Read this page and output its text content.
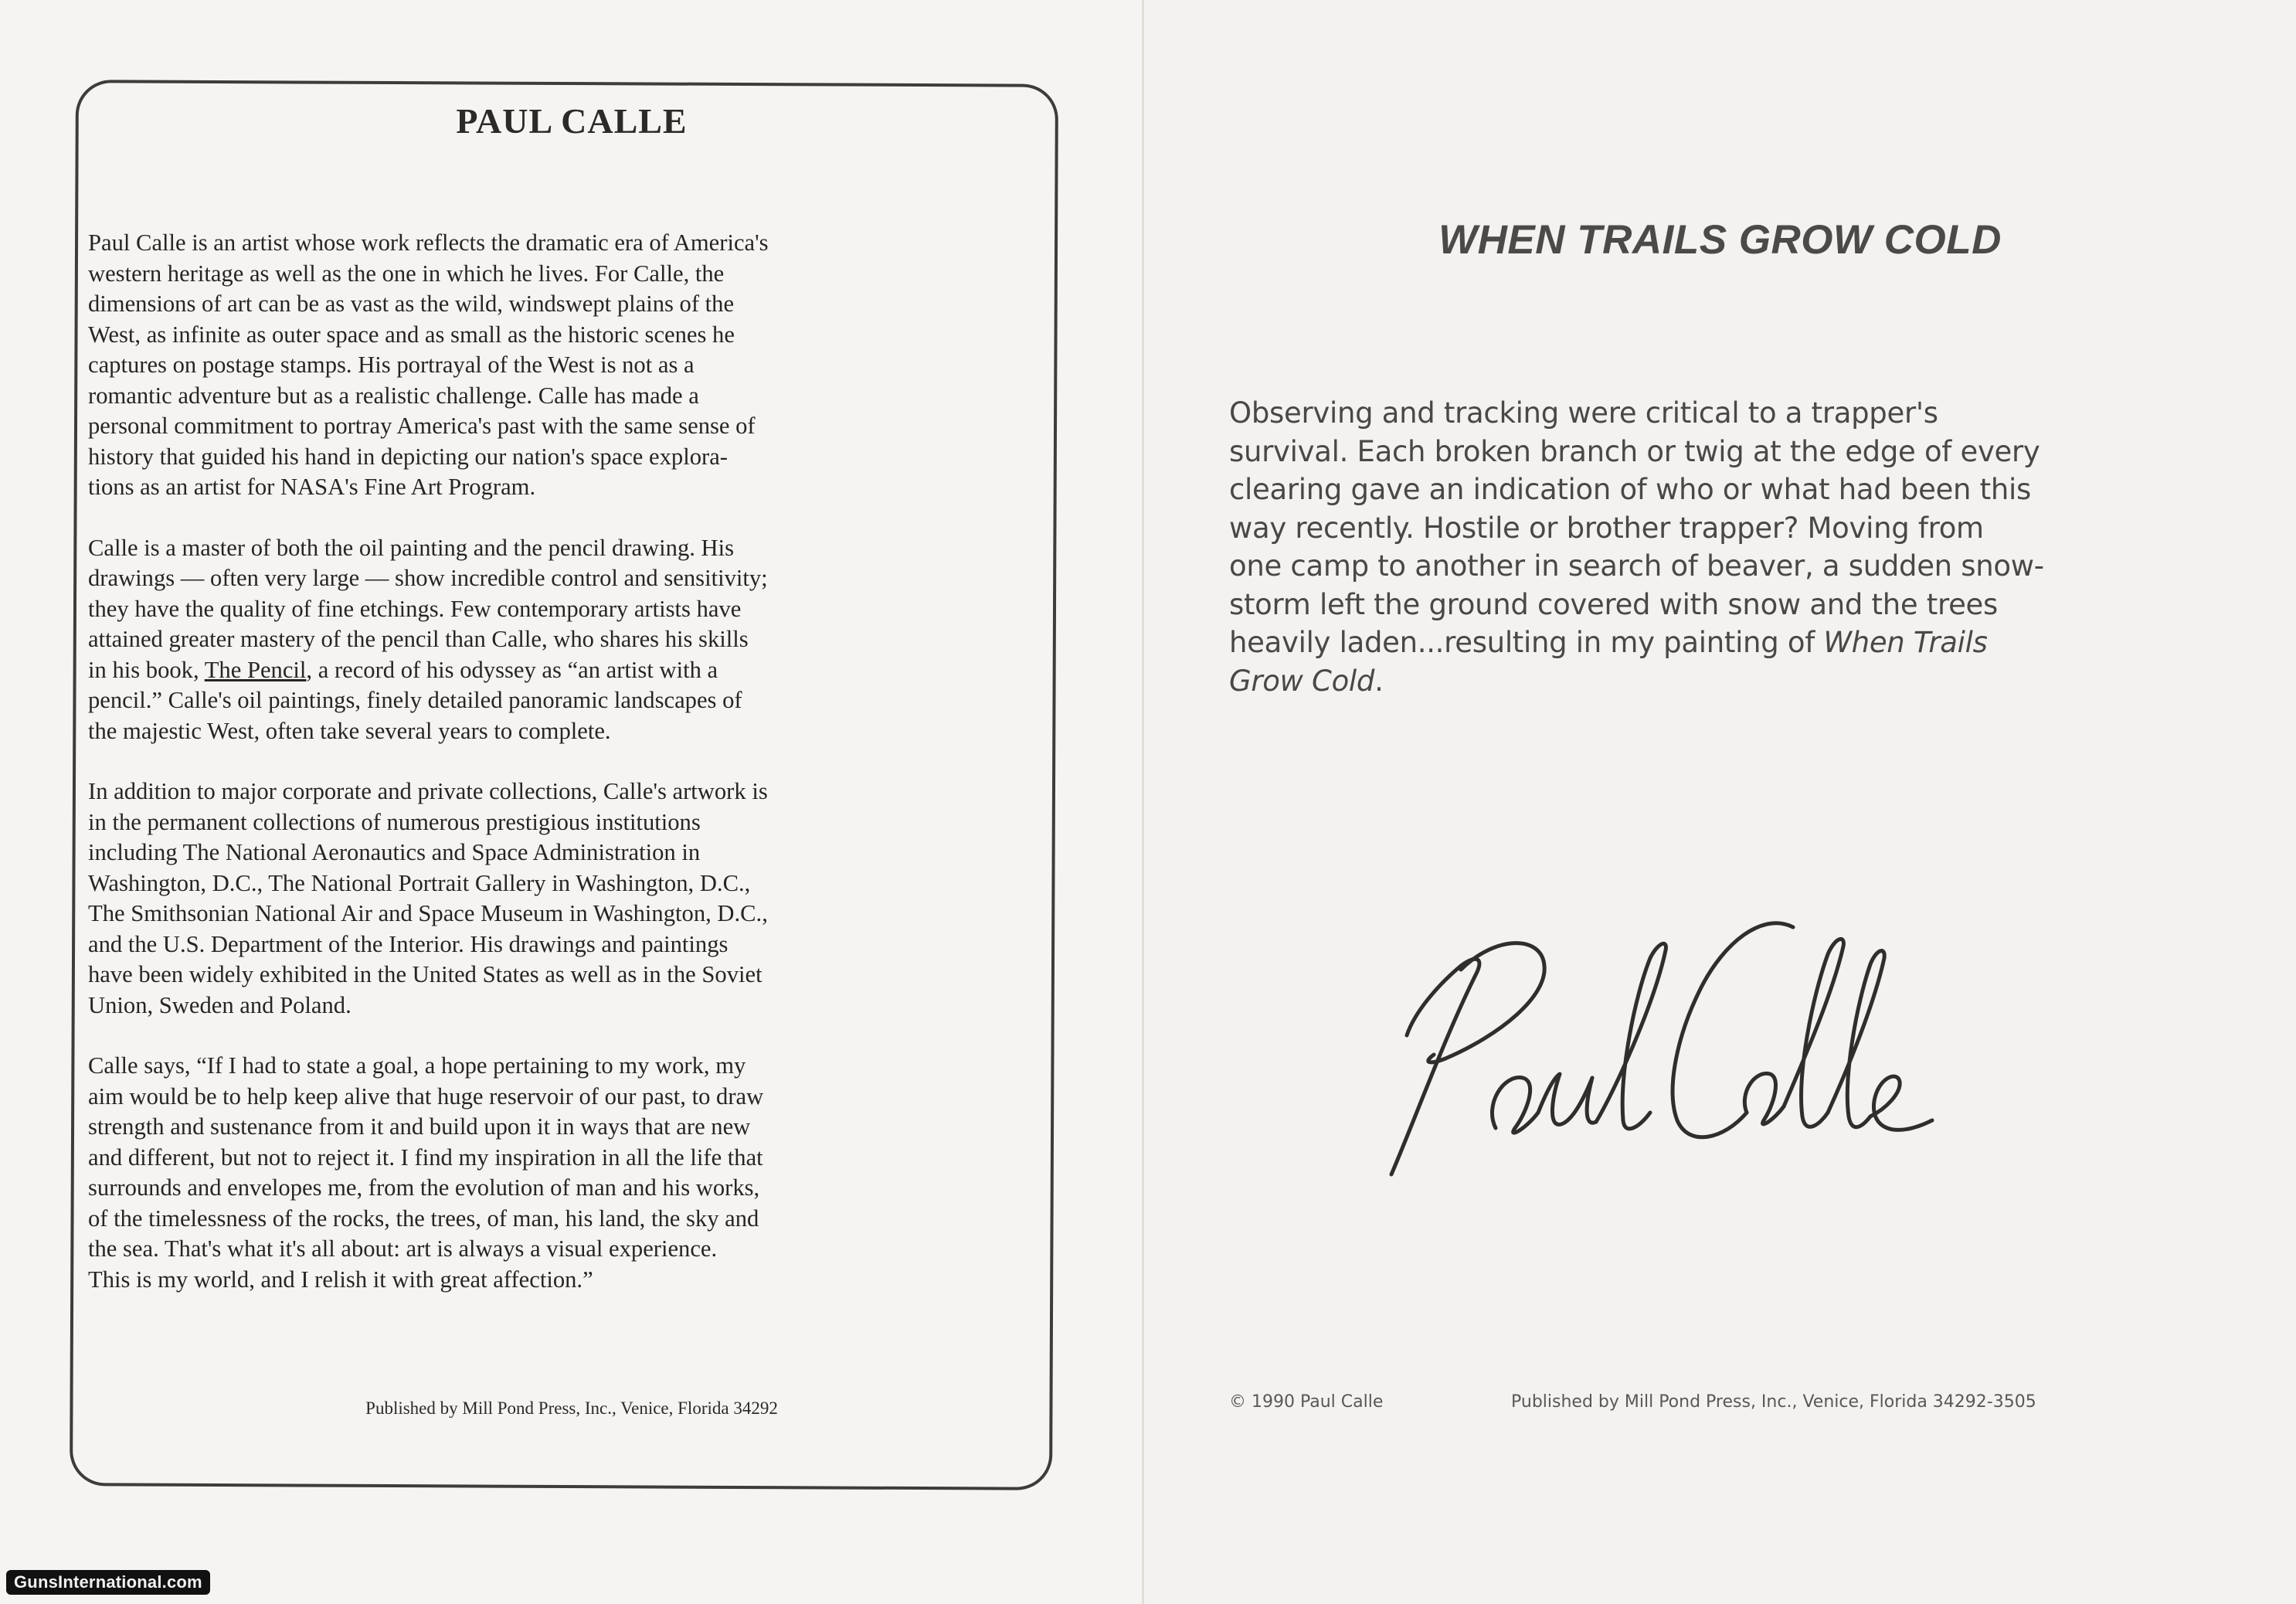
PAUL CALLE

Paul Calle is an artist whose work reflects the dramatic era of America's
western heritage as well as the one in which he lives. For Calle, the
dimensions of art can be as vast as the wild, windswept plains of the
West, as infinite as outer space and as small as the historic scenes he
captures on postage stamps. His portrayal of the West is not as a
romantic adventure but as a realistic challenge. Calle has made a
personal commitment to portray America's past with the same sense of
history that guided his hand in depicting our nation's space explora-
tions as an artist for NASA's Fine Art Program.

Calle is a master of both the oil painting and the pencil drawing. His
drawings — often very large — show incredible control and sensitivity;
they have the quality of fine etchings. Few contemporary artists have
attained greater mastery of the pencil than Calle, who shares his skills
in his book, The Pencil, a record of his odyssey as “an artist with a
pencil.” Calle's oil paintings, finely detailed panoramic landscapes of
the majestic West, often take several years to complete.

In addition to major corporate and private collections, Calle's artwork is
in the permanent collections of numerous prestigious institutions
including The National Aeronautics and Space Administration in
Washington, D.C., The National Portrait Gallery in Washington, D.C.,
The Smithsonian National Air and Space Museum in Washington, D.C.,
and the U.S. Department of the Interior. His drawings and paintings
have been widely exhibited in the United States as well as in the Soviet
Union, Sweden and Poland.

Calle says, “If I had to state a goal, a hope pertaining to my work, my
aim would be to help keep alive that huge reservoir of our past, to draw
strength and sustenance from it and build upon it in ways that are new
and different, but not to reject it. I find my inspiration in all the life that
surrounds and envelopes me, from the evolution of man and his works,
of the timelessness of the rocks, the trees, of man, his land, the sky and
the sea. That's what it's all about: art is always a visual experience.
This is my world, and I relish it with great affection.”

Published by Mill Pond Press, Inc., Venice, Florida 34292
GunsInternational.com
WHEN TRAILS GROW COLD
Observing and tracking were critical to a trapper's
survival. Each broken branch or twig at the edge of every
clearing gave an indication of who or what had been this
way recently. Hostile or brother trapper? Moving from
one camp to another in search of beaver, a sudden snow-
storm left the ground covered with snow and the trees
heavily laden...resulting in my painting of When Trails
Grow Cold.
© 1990 Paul Calle	Published by Mill Pond Press, Inc., Venice, Florida 34292-3505
